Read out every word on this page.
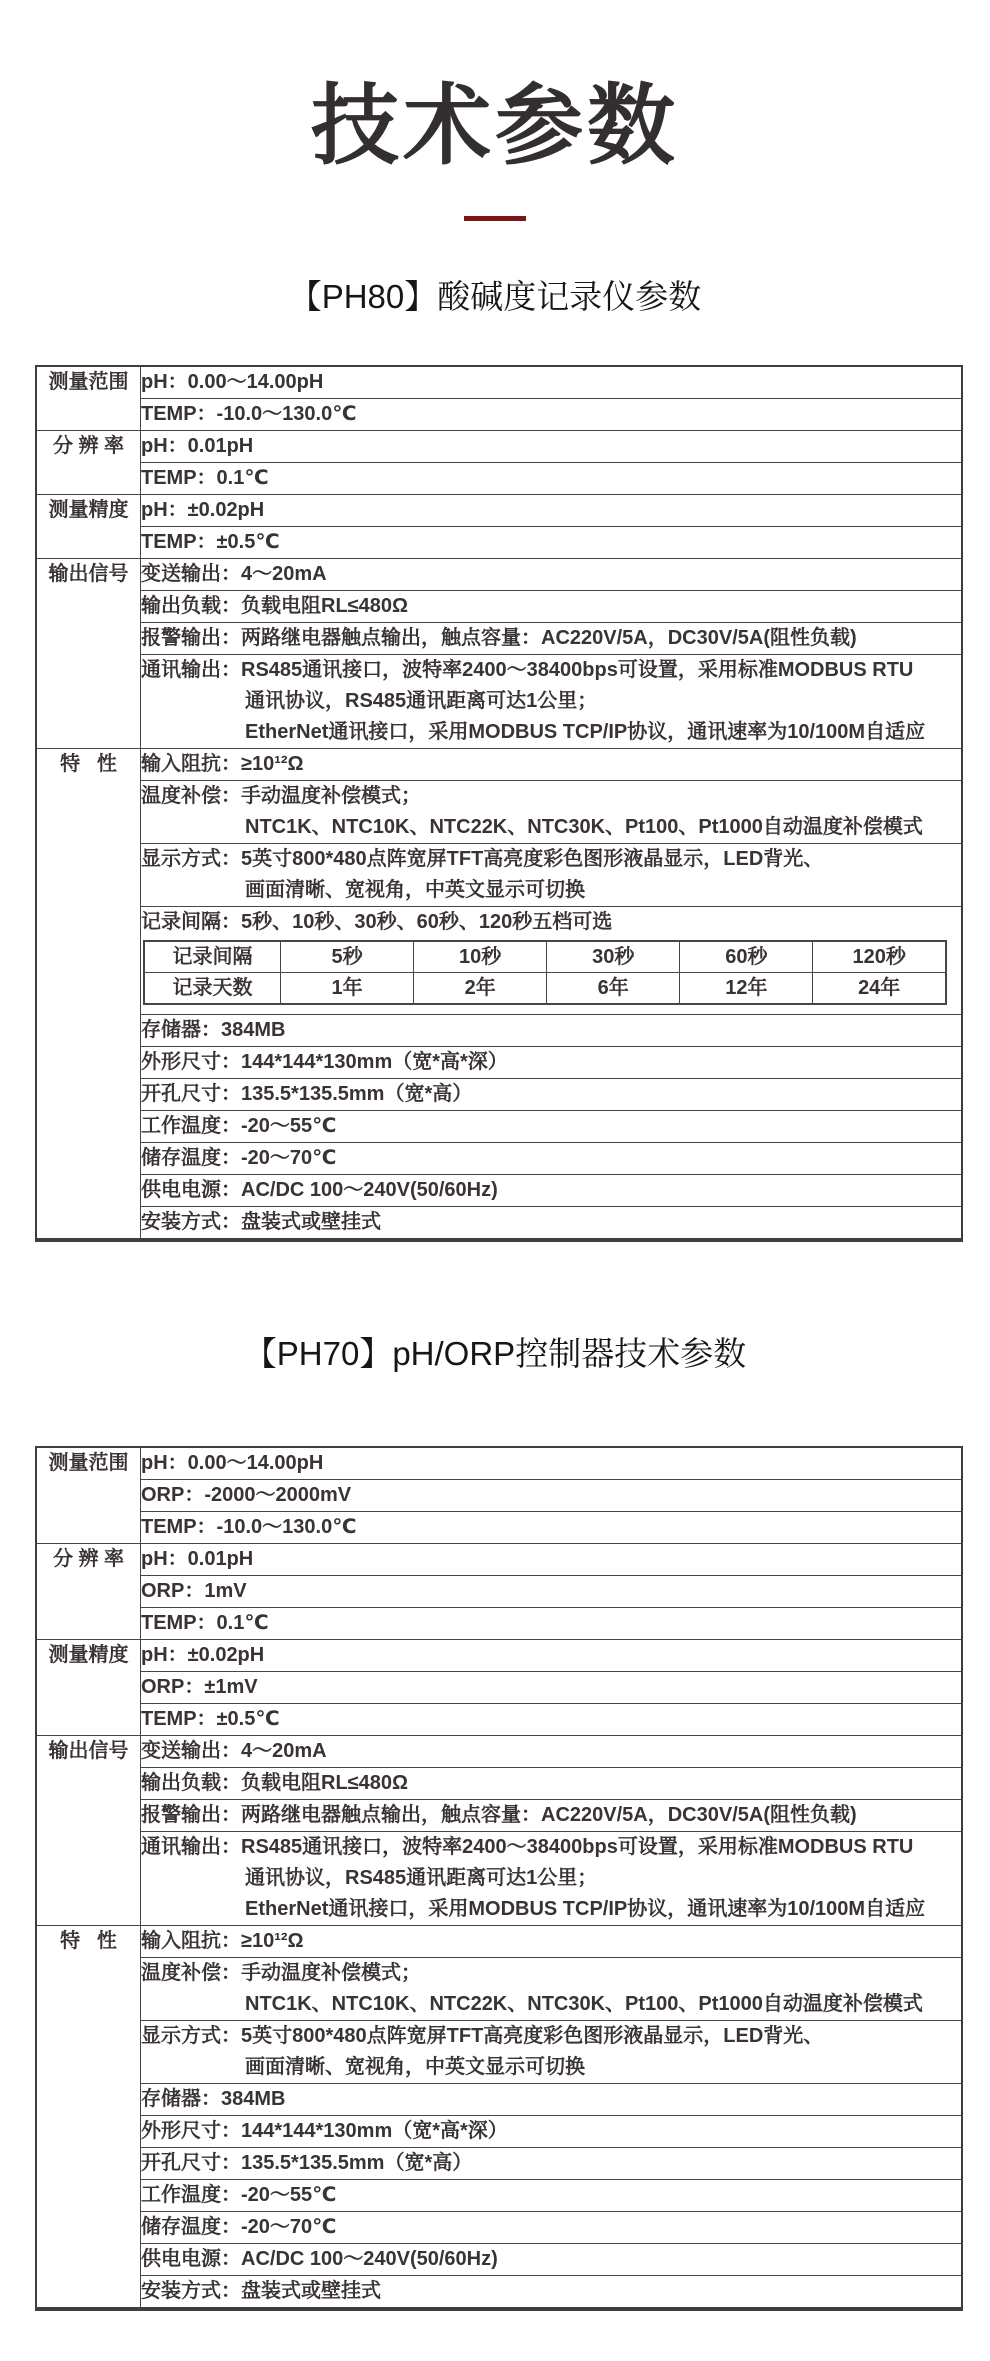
技术参数
【PH80】酸碱度记录仪参数
测量范围	pH：0.00～14.00pH

TEMP：-10.0～130.0℃

分 辨 率	pH：0.01pH

TEMP：0.1℃

测量精度	pH：±0.02pH

TEMP：±0.5℃

输出信号	变送输出：4～20mA

输出负载：负载电阻RL≤480Ω

报警输出：两路继电器触点输出，触点容量：AC220V/5A，DC30V/5A(阻性负载)

通讯输出：RS485通讯接口，波特率2400～38400bps可设置，采用标准MODBUS RTU
通讯协议，RS485通讯距离可达1公里；
EtherNet通讯接口，采用MODBUS TCP/IP协议，通讯速率为10/100M自适应

特   性	输入阻抗：≥10¹²Ω

温度补偿：手动温度补偿模式；
NTC1K、NTC10K、NTC22K、NTC30K、Pt100、Pt1000自动温度补偿模式

显示方式：5英寸800*480点阵宽屏TFT高亮度彩色图形液晶显示，LED背光、
画面清晰、宽视角，中英文显示可切换

记录间隔：5秒、10秒、30秒、60秒、120秒五档可选
记录间隔	5秒	10秒	30秒	60秒	120秒
记录天数	1年	2年	6年	12年	24年

存储器：384MB

外形尺寸：144*144*130mm（宽*高*深）

开孔尺寸：135.5*135.5mm（宽*高）

工作温度：-20～55℃

储存温度：-20～70℃

供电电源：AC/DC 100～240V(50/60Hz)

安装方式：盘装式或壁挂式
【PH70】pH/ORP控制器技术参数
测量范围	pH：0.00～14.00pH

	ORP：-2000～2000mV

	TEMP：-10.0～130.0℃

分 辨 率	pH：0.01pH

	ORP：1mV

	TEMP：0.1℃

测量精度	pH：±0.02pH

	ORP：±1mV

	TEMP：±0.5℃

输出信号	变送输出：4～20mA

	输出负载：负载电阻RL≤480Ω

	报警输出：两路继电器触点输出，触点容量：AC220V/5A，DC30V/5A(阻性负载)

	通讯输出：RS485通讯接口，波特率2400～38400bps可设置，采用标准MODBUS RTU
通讯协议，RS485通讯距离可达1公里；
EtherNet通讯接口，采用MODBUS TCP/IP协议，通讯速率为10/100M自适应

特   性	输入阻抗：≥10¹²Ω

	温度补偿：手动温度补偿模式；
NTC1K、NTC10K、NTC22K、NTC30K、Pt100、Pt1000自动温度补偿模式

	显示方式：5英寸800*480点阵宽屏TFT高亮度彩色图形液晶显示，LED背光、
画面清晰、宽视角，中英文显示可切换

	存储器：384MB

	外形尺寸：144*144*130mm（宽*高*深）

	开孔尺寸：135.5*135.5mm（宽*高）

	工作温度：-20～55℃

	储存温度：-20～70℃

	供电电源：AC/DC 100～240V(50/60Hz)

	安装方式：盘装式或壁挂式
